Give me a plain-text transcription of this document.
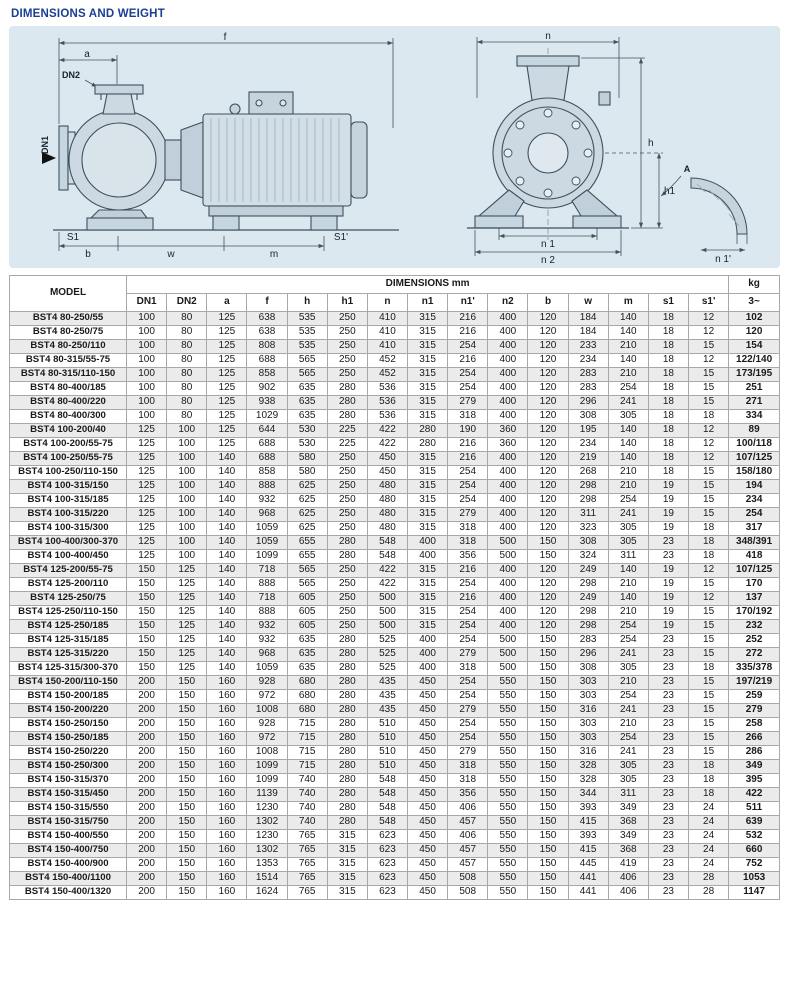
DIMENSIONS AND WEIGHT
f
a
DN2
DN1
S1	S1'
b	w	m
n
h
h1
n 1
n 2	n 1'
A
MODEL	DIMENSIONS mm															kg
	DN1	DN2	a	f	h	h1	n	n1	n1'	n2	b	w	m	s1	s1'	3~
BST4 80-250/55	100	80	125	638	535	250	410	315	216	400	120	184	140	18	12	102
BST4 80-250/75	100	80	125	638	535	250	410	315	216	400	120	184	140	18	12	120
BST4 80-250/110	100	80	125	808	535	250	410	315	254	400	120	233	210	18	15	154
BST4 80-315/55-75	100	80	125	688	565	250	452	315	216	400	120	234	140	18	12	122/140
BST4 80-315/110-150	100	80	125	858	565	250	452	315	254	400	120	283	210	18	15	173/195
BST4 80-400/185	100	80	125	902	635	280	536	315	254	400	120	283	254	18	15	251
BST4 80-400/220	100	80	125	938	635	280	536	315	279	400	120	296	241	18	15	271
BST4 80-400/300	100	80	125	1029	635	280	536	315	318	400	120	308	305	18	18	334
BST4 100-200/40	125	100	125	644	530	225	422	280	190	360	120	195	140	18	12	89
BST4 100-200/55-75	125	100	125	688	530	225	422	280	216	360	120	234	140	18	12	100/118
BST4 100-250/55-75	125	100	140	688	580	250	450	315	216	400	120	219	140	18	12	107/125
BST4 100-250/110-150	125	100	140	858	580	250	450	315	254	400	120	268	210	18	15	158/180
BST4 100-315/150	125	100	140	888	625	250	480	315	254	400	120	298	210	19	15	194
BST4 100-315/185	125	100	140	932	625	250	480	315	254	400	120	298	254	19	15	234
BST4 100-315/220	125	100	140	968	625	250	480	315	279	400	120	311	241	19	15	254
BST4 100-315/300	125	100	140	1059	625	250	480	315	318	400	120	323	305	19	18	317
BST4 100-400/300-370	125	100	140	1059	655	280	548	400	318	500	150	308	305	23	18	348/391
BST4 100-400/450	125	100	140	1099	655	280	548	400	356	500	150	324	311	23	18	418
BST4 125-200/55-75	150	125	140	718	565	250	422	315	216	400	120	249	140	19	12	107/125
BST4 125-200/110	150	125	140	888	565	250	422	315	254	400	120	298	210	19	15	170
BST4 125-250/75	150	125	140	718	605	250	500	315	216	400	120	249	140	19	12	137
BST4 125-250/110-150	150	125	140	888	605	250	500	315	254	400	120	298	210	19	15	170/192
BST4 125-250/185	150	125	140	932	605	250	500	315	254	400	120	298	254	19	15	232
BST4 125-315/185	150	125	140	932	635	280	525	400	254	500	150	283	254	23	15	252
BST4 125-315/220	150	125	140	968	635	280	525	400	279	500	150	296	241	23	15	272
BST4 125-315/300-370	150	125	140	1059	635	280	525	400	318	500	150	308	305	23	18	335/378
BST4 150-200/110-150	200	150	160	928	680	280	435	450	254	550	150	303	210	23	15	197/219
BST4 150-200/185	200	150	160	972	680	280	435	450	254	550	150	303	254	23	15	259
BST4 150-200/220	200	150	160	1008	680	280	435	450	279	550	150	316	241	23	15	279
BST4 150-250/150	200	150	160	928	715	280	510	450	254	550	150	303	210	23	15	258
BST4 150-250/185	200	150	160	972	715	280	510	450	254	550	150	303	254	23	15	266
BST4 150-250/220	200	150	160	1008	715	280	510	450	279	550	150	316	241	23	15	286
BST4 150-250/300	200	150	160	1099	715	280	510	450	318	550	150	328	305	23	18	349
BST4 150-315/370	200	150	160	1099	740	280	548	450	318	550	150	328	305	23	18	395
BST4 150-315/450	200	150	160	1139	740	280	548	450	356	550	150	344	311	23	18	422
BST4 150-315/550	200	150	160	1230	740	280	548	450	406	550	150	393	349	23	24	511
BST4 150-315/750	200	150	160	1302	740	280	548	450	457	550	150	415	368	23	24	639
BST4 150-400/550	200	150	160	1230	765	315	623	450	406	550	150	393	349	23	24	532
BST4 150-400/750	200	150	160	1302	765	315	623	450	457	550	150	415	368	23	24	660
BST4 150-400/900	200	150	160	1353	765	315	623	450	457	550	150	445	419	23	24	752
BST4 150-400/1100	200	150	160	1514	765	315	623	450	508	550	150	441	406	23	28	1053
BST4 150-400/1320	200	150	160	1624	765	315	623	450	508	550	150	441	406	23	28	1147
